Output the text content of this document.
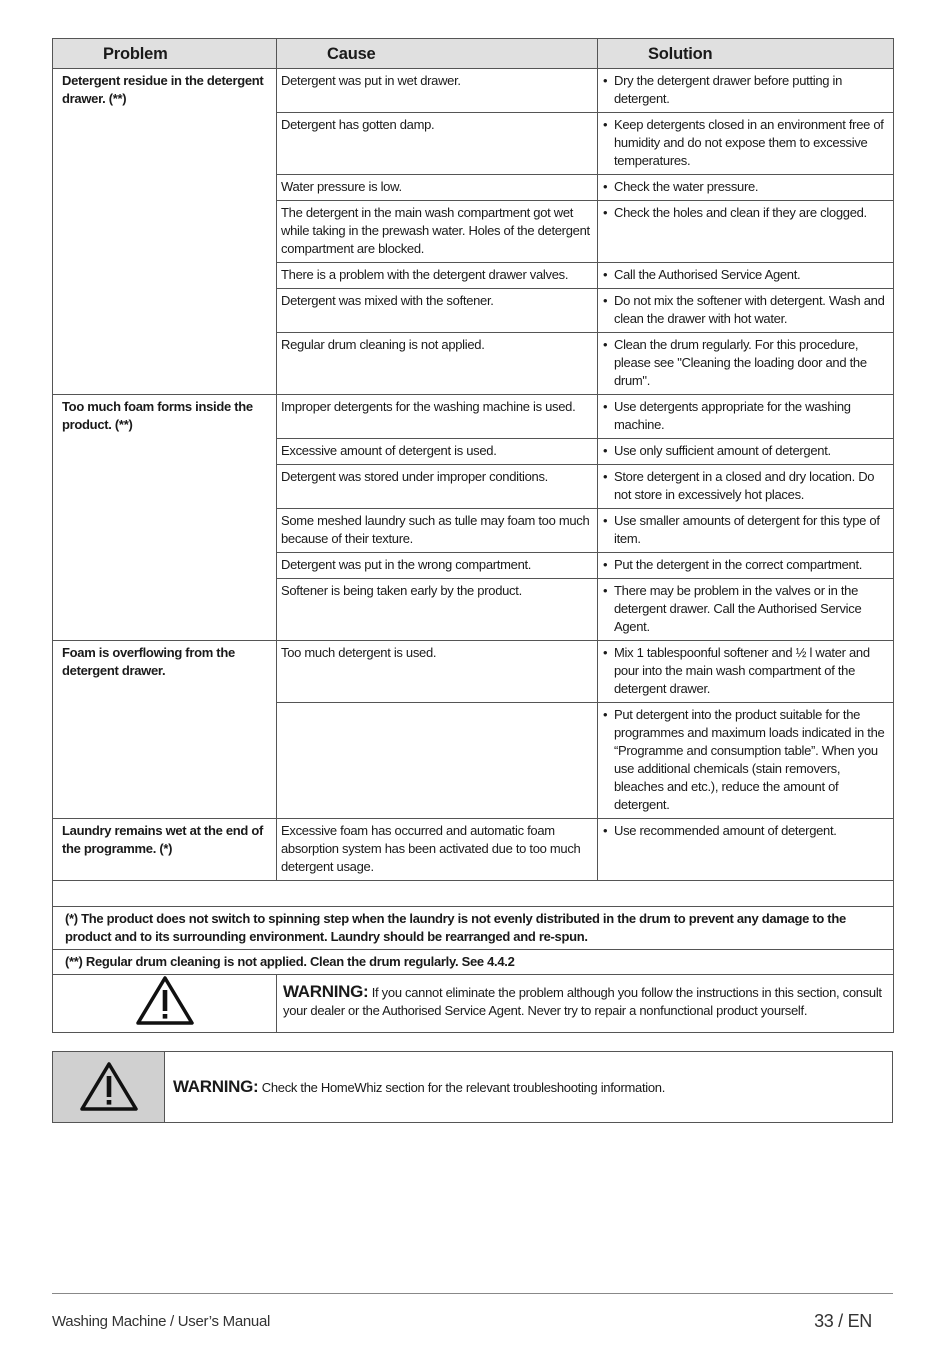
Problem	Cause	Solution
Detergent residue in the detergent drawer. (**)	Detergent was put in wet drawer.	• Dry the detergent drawer before putting in detergent.
	Detergent has gotten damp.	• Keep detergents closed in an environment free of humidity and do not expose them to excessive temperatures.
	Water pressure is low.	• Check the water pressure.
	The detergent in the main wash compartment got wet while taking in the prewash water. Holes of the detergent compartment are blocked.	• Check the holes and clean if they are clogged.
	There is a problem with the detergent drawer valves.	• Call the Authorised Service Agent.
	Detergent was mixed with the softener.	• Do not mix the softener with detergent. Wash and clean the drawer with hot water.
	Regular drum cleaning is not applied.	• Clean the drum regularly. For this procedure, please see "Cleaning the loading door and the drum".
Too much foam forms inside the product. (**)	Improper detergents for the washing machine is used.	• Use detergents appropriate for the washing machine.
	Excessive amount of detergent is used.	• Use only sufficient amount of detergent.
	Detergent was stored under improper conditions.	• Store detergent in a closed and dry location. Do not store in excessively hot places.
	Some meshed laundry such as tulle may foam too much because of their texture.	• Use smaller amounts of detergent for this type of item.
	Detergent was put in the wrong compartment.	• Put the detergent in the correct compartment.
	Softener is being taken early by the product.	• There may be problem in the valves or in the detergent drawer. Call the Authorised Service Agent.
Foam is overflowing from the detergent drawer.	Too much detergent is used.	• Mix 1 tablespoonful softener and ½ l water and pour into the main wash compartment of the detergent drawer.

		• Put detergent into the product suitable for the programmes and maximum loads indicated in the “Programme and consumption table”. When you use additional chemicals (stain removers, bleaches and etc.), reduce the amount of detergent.
Laundry remains wet at the end of the programme. (*)	Excessive foam has occurred and automatic foam absorption system has been activated due to too much detergent usage.	• Use recommended amount of detergent.

(*) The product does not switch to spinning step when the laundry is not evenly distributed in the drum to prevent any damage to the product and to its surrounding environment. Laundry should be rearranged and re-spun.		
(**) Regular drum cleaning is not applied. Clean the drum regularly. See 4.4.2		
	WARNING: If you cannot eliminate the problem although you follow the instructions in this section, consult your dealer or the Authorised Service Agent. Never try to repair a nonfunctional product yourself.	
WARNING: Check the HomeWhiz section for the relevant troubleshooting information.
Washing Machine / User’s Manual	33 / EN
